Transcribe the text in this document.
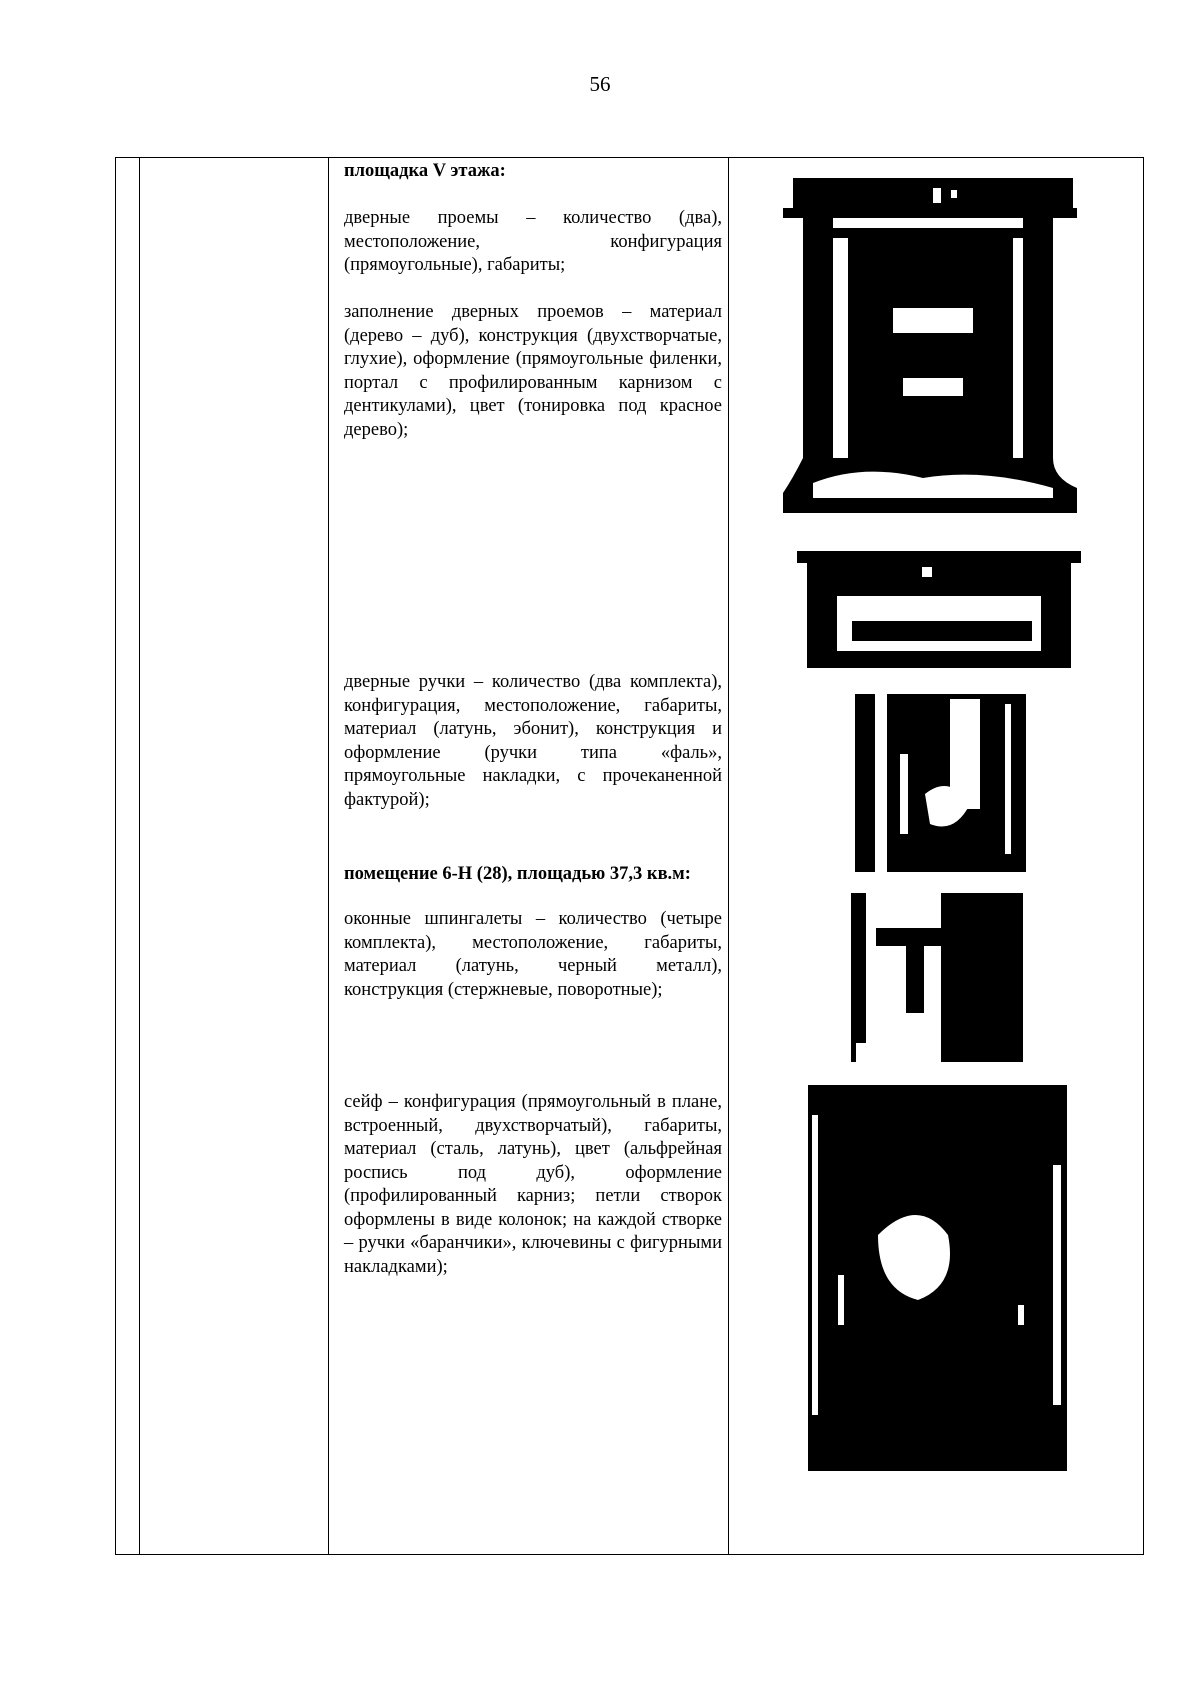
56
площадка V этажа:
дверные проемы – количество (два), местоположение, конфигурация (прямоугольные), габариты;
заполнение дверных проемов – материал (дерево – дуб), конструкция (двухстворчатые, глухие), оформление (прямоугольные филенки, портал с профилированным карнизом с дентикулами), цвет (тонировка под красное дерево);
дверные ручки – количество (два комплекта), конфигурация, местоположение, габариты, материал (латунь, эбонит), конструкция и оформление (ручки типа «фаль», прямоугольные накладки, с прочеканенной фактурой);
помещение 6-Н (28), площадью 37,3 кв.м:
оконные шпингалеты – количество (четыре комплекта), местоположение, габариты, материал (латунь, черный металл), конструкция (стержневые, поворотные);
сейф – конфигурация (прямоугольный в плане, встроенный, двухстворчатый), габариты, материал (сталь, латунь), цвет (альфрейная роспись под дуб), оформление (профилированный карниз; петли створок оформлены в виде колонок; на каждой створке – ручки «баранчики», ключевины с фигурными накладками);
